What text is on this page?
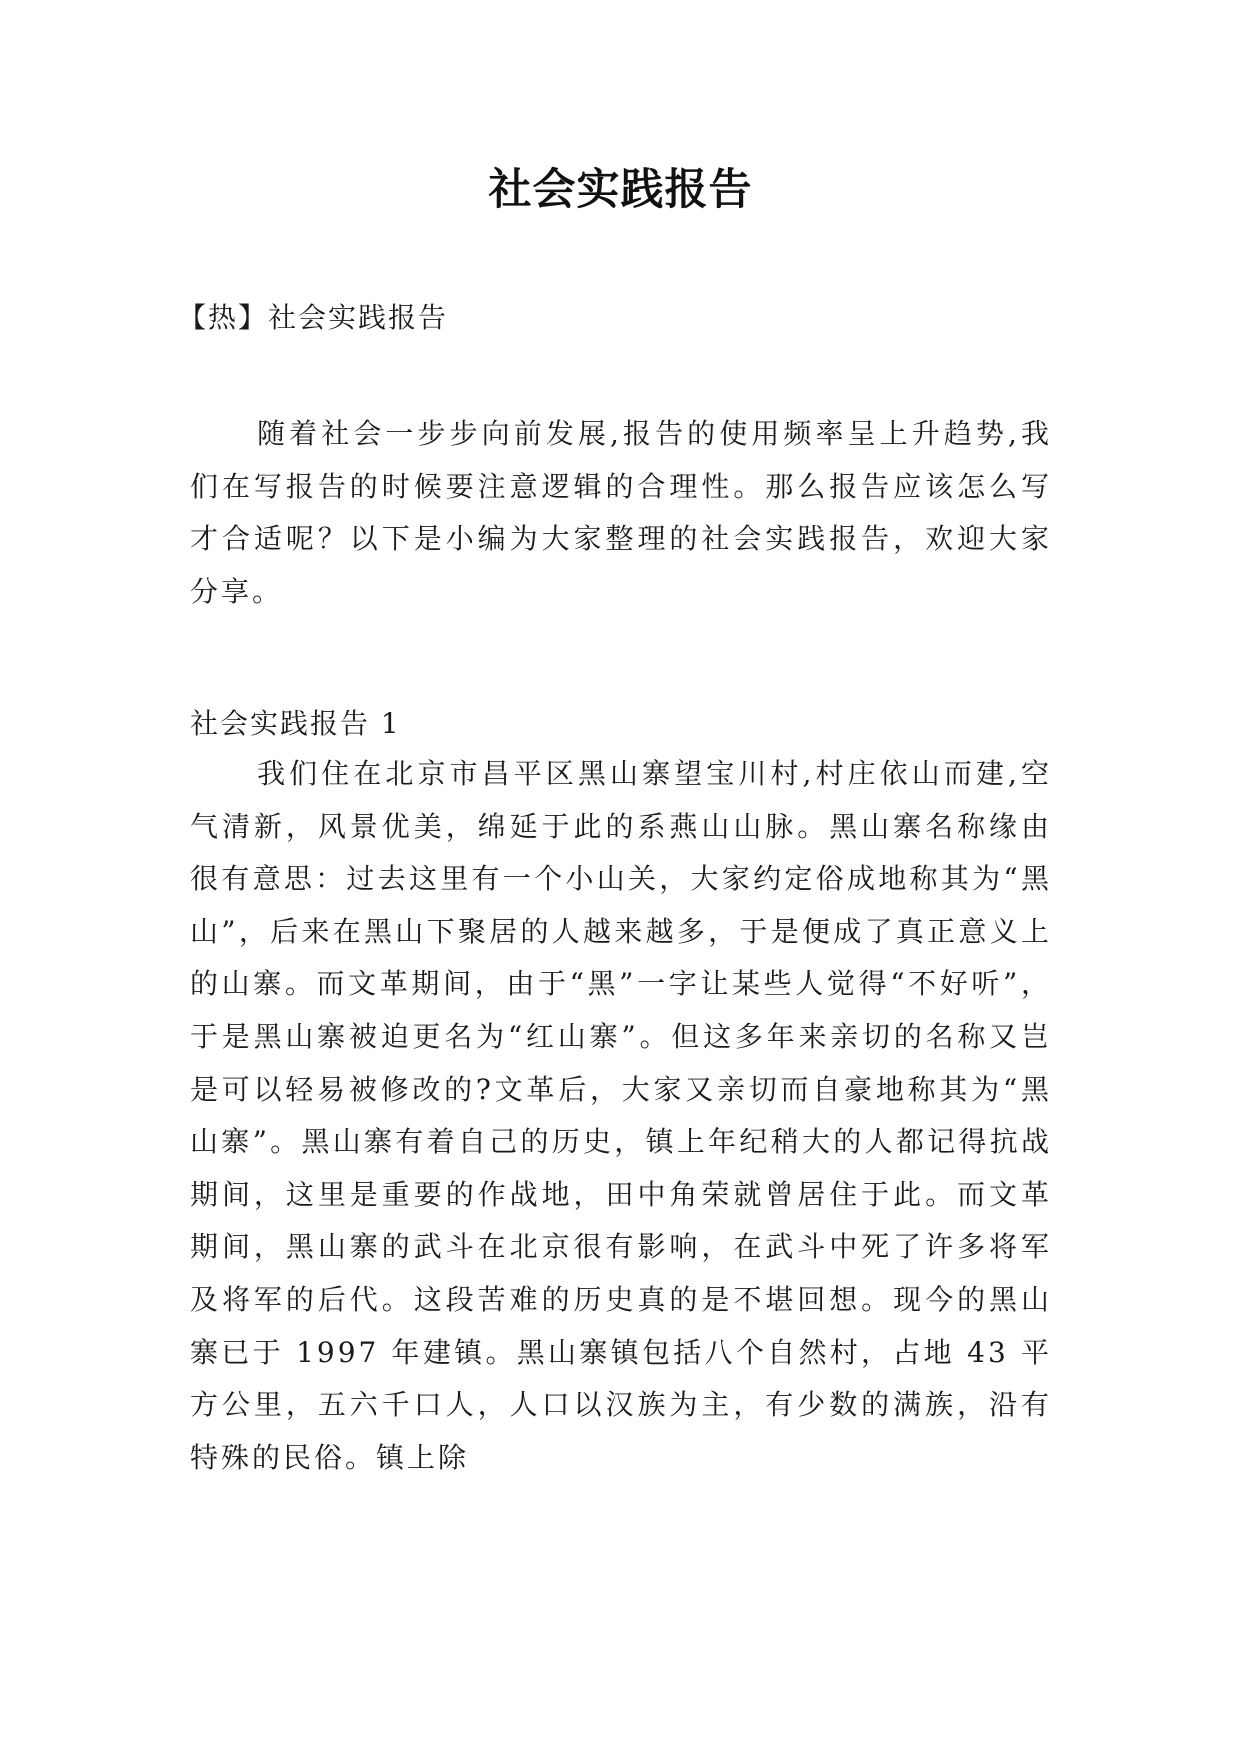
社会实践报告
【热】社会实践报告
随着社会一步步向前发展,报告的使用频率呈上升趋势,我们在写报告的时候要注意逻辑的合理性。那么报告应该怎么写才合适呢？以下是小编为大家整理的社会实践报告，欢迎大家分享。
社会实践报告 1
我们住在北京市昌平区黑山寨望宝川村,村庄依山而建,空气清新，风景优美，绵延于此的系燕山山脉。黑山寨名称缘由很有意思：过去这里有一个小山关，大家约定俗成地称其为“黑山”，后来在黑山下聚居的人越来越多，于是便成了真正意义上的山寨。而文革期间，由于“黑”一字让某些人觉得“不好听”，于是黑山寨被迫更名为“红山寨”。但这多年来亲切的名称又岂是可以轻易被修改的?文革后，大家又亲切而自豪地称其为“黑山寨”。黑山寨有着自己的历史，镇上年纪稍大的人都记得抗战期间，这里是重要的作战地，田中角荣就曾居住于此。而文革期间，黑山寨的武斗在北京很有影响，在武斗中死了许多将军及将军的后代。这段苦难的历史真的是不堪回想。现今的黑山寨已于 1997 年建镇。黑山寨镇包括八个自然村，占地 43 平方公里，五六千口人，人口以汉族为主，有少数的满族，沿有特殊的民俗。镇上除
